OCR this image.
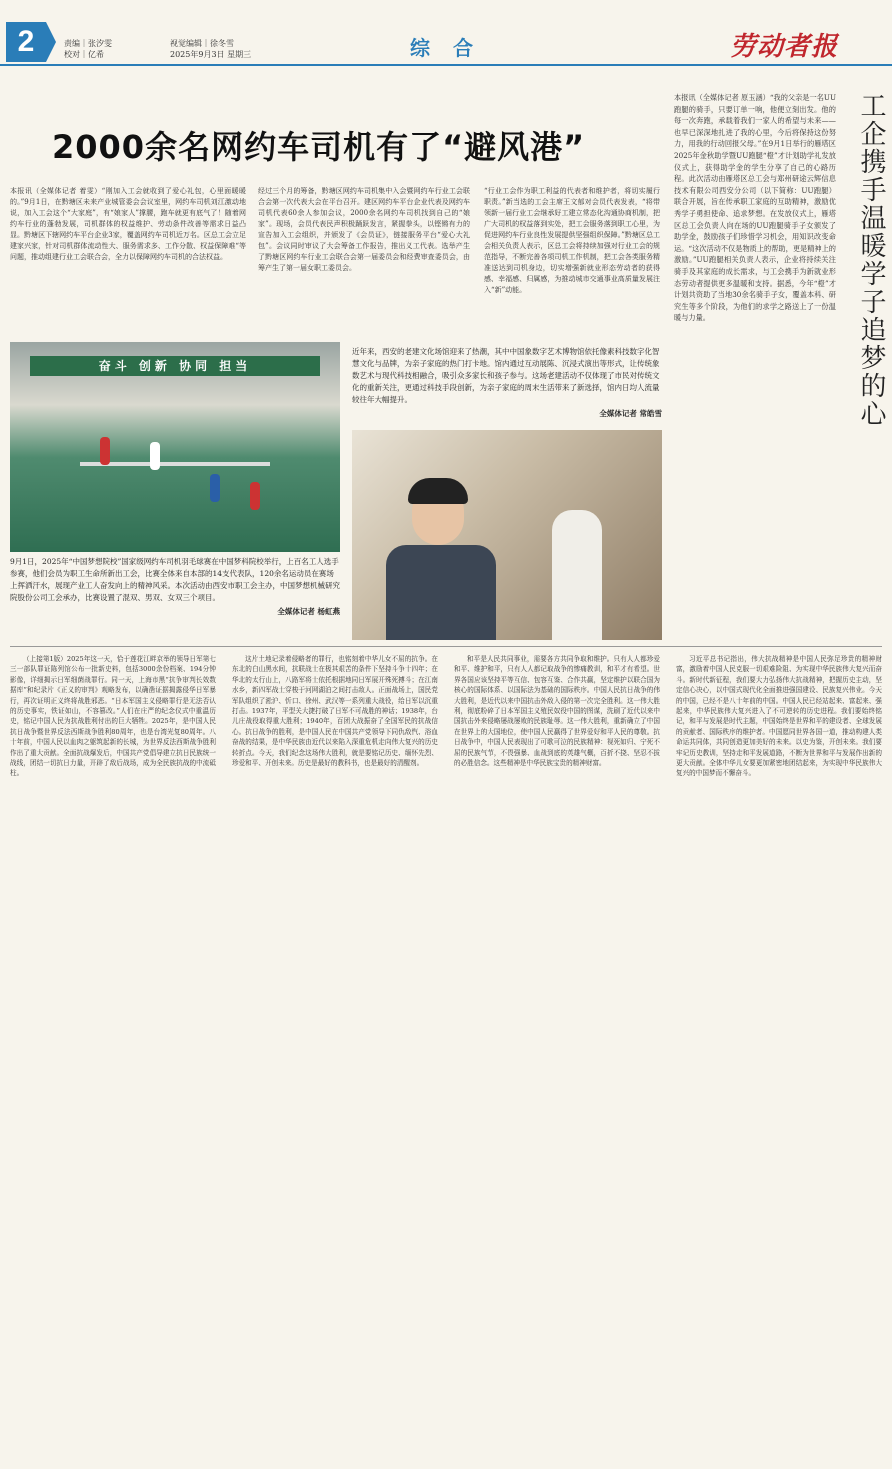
2	责编｜张汐雯
校对｜亿希
视觉编辑｜徐冬雪
2025年9月3日 星期三	综 合	劳动者报
2000余名网约车司机有了“避风港”
本报讯（全媒体记者 着雯）“刚加入工会就收到了爱心礼包，心里面暖暖的。”9月1日，在黔塘区未来产业城管委会会议室里，网约车司机刘江激动地说，加入工会这个“大家庭”，有“娘家人”撑腰，跑车就更有底气了！随着网约车行业的蓬勃发展，司机群体的权益维护、劳动条件改善等需求日益凸显。黔塘区下辖网约车平台企业3家，覆盖网约车司机近万名。区总工会立足建家兴家，针对司机群体流动性大、服务需求多、工作分散、权益保障难“等问题，推动组建行业工会联合会，全力以保障网约车司机的合法权益。
经过三个月的筹备，黔塘区网约车司机集中入会暨网约车行业工会联合会第一次代表大会在平台召开。建区网约车平台企业代表及网约车司机代表60余人参加会议，2000余名网约车司机找到自己的“娘家”。现场，会员代表民声积极踊跃发言，紧握拳头，以铿锵有力的宣告加入工会组织，并颁发了《会员证》，链接服务平台“爱心大礼包”。会议同时审议了大会筹备工作报告，推出义工代表。选举产生了黔塘区网约车行业工会联合会第一届委员会和经费审查委员会，由筹产生了第一届女职工委员会。
“行业工会作为职工利益的代表者和维护者，将切实履行职责。”新当选的工会主席王文郁对会员代表发表，“将带领新一届行业工会继承好工建立常态化沟通协商机制，把广大司机的权益落到实处，把工会服务落到职工心里，为促进网约车行业良性发展提供坚强组织保障。”黔塘区总工会相关负责人表示，区总工会将持续加强对行业工会的规范指导，不断完善各项司机工作机制，把工会各类服务精准送达到司机身边，切实增强新就业形态劳动者的获得感、幸福感、归属感，为推动城市交通事业高质量发展注入“新”动能。
奋斗 创新 协同 担当
9月1日，2025年“中国梦想院校”国家级网约车司机羽毛球赛在中国梦科院校举行，上百名工人选手参赛，他们会员为职工生命所新出工会，比赛全体来自本部的14支代表队，120余名运动员在赛场上挥洒汗水，展现产业工人奋发向上的精神风采。本次活动由西安市职工会主办，中国梦想机械研究院股份公司工会承办，比赛设置了混双、男双、女双三个项目。
全媒体记者 杨虹燕
近年来，西安的老建文化场馆迎来了热潮，其中中国象数字艺术博物馆依托像素科技数字化智慧文化与品牌，为亲子家庭的热门打卡地。馆内通过互动展陈、沉浸式演出等形式，让传统象数艺术与现代科技相融合，吸引众多家长和孩子参与。这场老建活动不仅体现了市民对传统文化的重新关注，更通过科技手段创新，为亲子家庭的周末生活带来了新选择，馆内日均人流量较往年大幅提升。
全媒体记者 常皓雪
本报讯（全媒体记者 原玉涵）“我的父亲是一名UU跑腿的骑手，只要订单一响，他便立刻出发。他的每一次奔跑，承载着我们一家人的希望与未来——也早已深深地扎进了我的心里，今后将保持这份努力，用我的行动回报父母。”在9月1日举行的雁塔区2025年金秋助学暨UU跑腿“橙”才计划助学礼发放仪式上，获得助学金的学生分享了自己的心路历程。此次活动由雁塔区总工会与郑州研途云辉信息技术有限公司西安分公司（以下简称：UU跑腿）联合开展，旨在传承职工家庭的互助精神，激励优秀学子勇担使命、追求梦想。在发放仪式上，雁塔区总工会负责人向在场的UU跑腿骑手子女颁发了助学金，鼓励孩子们珍惜学习机会，用知识改变命运。“这次活动不仅是物质上的帮助，更是精神上的激励。”UU跑腿相关负责人表示，企业将持续关注骑手及其家庭的成长需求，与工会携手为新就业形态劳动者提供更多温暖和支持。据悉，今年“橙”才计划共资助了当地30余名骑手子女，覆盖本科、研究生等多个阶段，为他们的求学之路送上了一份温暖与力量。	工企携手温暖学子追梦的心

（上接第1版）2025年这一天，恰于莲花江畔京举的领导日军第七三一部队罪证陈列馆公布一批新史料，包括3000余份档案、194分钟影像，详细揭示日军细菌战罪行。同一天，上海市黑“抗争审判长效数据库”和纪录片《正义的审判》观略发布，以确凿证据揭露侵华日军暴行，再次证明正义终将战胜邪恶。“日本军国主义侵略罪行是无法否认的历史事实，铁证如山，不容篡改。”人们在庄严的纪念仪式中重温历史，铭记中国人民为抗战胜利付出的巨大牺牲。2025年，是中国人民抗日战争暨世界反法西斯战争胜利80周年，也是台湾光复80周年。八十年前，中国人民以血肉之躯筑起新的长城，为世界反法西斯战争胜利作出了重大贡献。全面抗战爆发后，中国共产党倡导建立抗日民族统一战线，团结一切抗日力量，开辟了敌后战场，成为全民族抗战的中流砥柱。

这片土地记录着侵略者的罪行，也铭刻着中华儿女不屈的抗争。在东北的白山黑水间，抗联战士在极其艰苦的条件下坚持斗争十四年；在华北的太行山上，八路军将士依托根据地同日军展开殊死搏斗；在江南水乡，新四军战士穿梭于河网湖泊之间打击敌人。正面战场上，国民党军队组织了淞沪、忻口、徐州、武汉等一系列重大战役，给日军以沉重打击。1937年，平型关大捷打破了日军不可战胜的神话；1938年，台儿庄战役取得重大胜利；1940年，百团大战振奋了全国军民的抗战信心。抗日战争的胜利，是中国人民在中国共产党领导下同仇敌忾、浴血奋战的结果，是中华民族由近代以来陷入深重危机走向伟大复兴的历史转折点。今天，我们纪念这场伟大胜利，就是要铭记历史、缅怀先烈、珍爱和平、开创未来。历史是最好的教科书，也是最好的清醒剂。

和平是人民共同事业，需要各方共同争取和维护。只有人人都珍爱和平、维护和平，只有人人都记取战争的惨痛教训，和平才有希望。世界各国应该坚持平等互信、包容互鉴、合作共赢，坚定维护以联合国为核心的国际体系、以国际法为基础的国际秩序。中国人民抗日战争的伟大胜利，是近代以来中国抗击外敌入侵的第一次完全胜利。这一伟大胜利，彻底粉碎了日本军国主义殖民奴役中国的图谋，洗刷了近代以来中国抗击外来侵略屡战屡败的民族耻辱。这一伟大胜利，重新确立了中国在世界上的大国地位，使中国人民赢得了世界爱好和平人民的尊敬。抗日战争中，中国人民表现出了可歌可泣的民族精神：视死如归、宁死不屈的民族气节，不畏强暴、血战到底的英雄气概，百折不挠、坚忍不拔的必胜信念。这些精神是中华民族宝贵的精神财富。

习近平总书记指出，伟大抗战精神是中国人民弥足珍贵的精神财富，激励着中国人民克服一切艰难险阻、为实现中华民族伟大复兴而奋斗。新时代新征程，我们要大力弘扬伟大抗战精神，把握历史主动，坚定信心决心，以中国式现代化全面推进强国建设、民族复兴伟业。今天的中国，已经不是八十年前的中国。中国人民已经站起来、富起来、强起来，中华民族伟大复兴进入了不可逆转的历史进程。我们要始终铭记，和平与发展是时代主题，中国始终是世界和平的建设者、全球发展的贡献者、国际秩序的维护者。中国愿同世界各国一道，推动构建人类命运共同体，共同创造更加美好的未来。以史为鉴，开创未来。我们要牢记历史教训，坚持走和平发展道路，不断为世界和平与发展作出新的更大贡献。全体中华儿女要更加紧密地团结起来，为实现中华民族伟大复兴的中国梦而不懈奋斗。
